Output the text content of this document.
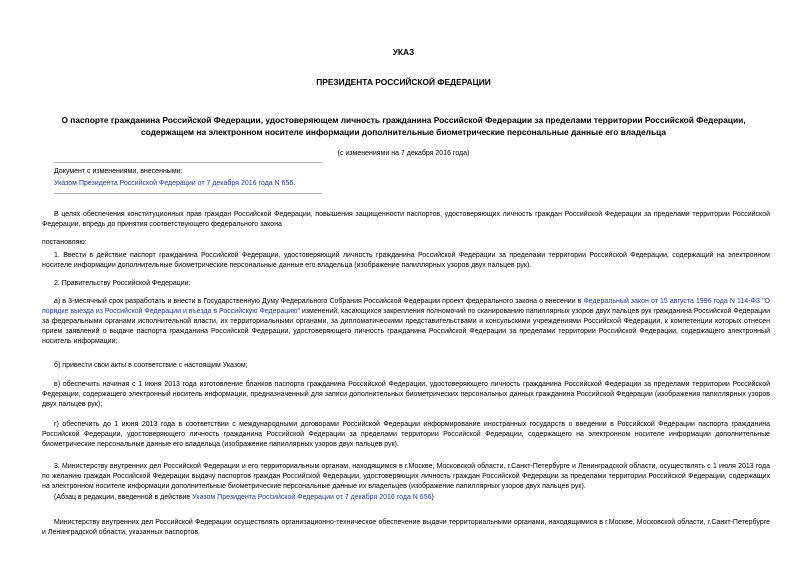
УКАЗ
ПРЕЗИДЕНТА РОССИЙСКОЙ ФЕДЕРАЦИИ
О паспорте гражданина Российской Федерации, удостоверяющем личность гражданина Российской Федерации за пределами территории Российской Федерации,
содержащем на электронном носителе информации дополнительные биометрические персональные данные его владельца
(с изменениями на 7 декабря 2016 года)
Документ с изменениями, внесенными:
Указом Президента Российской Федерации от 7 декабря 2016 года N 656.
В целях обеспечения конституционных прав граждан Российской Федерации, повышения защищенности паспортов, удостоверяющих личность граждан Российской Федерации за пределами территории Российской Федерации, впредь до принятия соответствующего федерального закона
постановляю:
1. Ввести в действие паспорт гражданина Российской Федерации, удостоверяющий личность гражданина Российской Федерации за пределами территории Российской Федерации, содержащий на электронном носителе информации дополнительные биометрические персональные данные его владельца (изображение папиллярных узоров двух пальцев рук).
2. Правительству Российской Федерации:
а) в 3-месячный срок разработать и внести в Государственную Думу Федерального Собрания Российской Федерации проект федерального закона о внесении в Федеральный закон от 15 августа 1996 года N 114-ФЗ "О порядке выезда из Российской Федерации и въезда в Российскую Федерацию" изменений, касающихся закрепления полномочий по сканированию папиллярных узоров двух пальцев рук гражданина Российской Федерации за федеральными органами исполнительной власти, их территориальными органами, за дипломатическими представительствами и консульскими учреждениями Российской Федерации, к компетенции которых отнесен прием заявлений о выдаче паспорта гражданина Российской Федерации, удостоверяющего личность гражданина Российской Федерации за пределами территории Российской Федерации, содержащего электронный носитель информации;
б) привести свои акты в соответствие с настоящим Указом;
в) обеспечить начиная с 1 июня 2013 года изготовление бланков паспорта гражданина Российской Федерации, удостоверяющего личность гражданина Российской Федерации за пределами территории Российской Федерации, содержащего электронный носитель информации, предназначенный для записи дополнительных биометрических персональных данных гражданина Российской Федерации (изображения папиллярных узоров двух пальцев рук);
г) обеспечить до 1 июня 2013 года в соответствии с международными договорами Российской Федерации информирование иностранных государств о введении в Российской Федерации паспорта гражданина Российской Федерации, удостоверяющего личность гражданина Российской Федерации за пределами территории Российской Федерации, содержащего на электронном носителе информации дополнительные биометрические персональные данные его владельца (изображение папиллярных узоров двух пальцев рук).
3. Министерству внутренних дел Российской Федерации и его территориальным органам, находящимся в г.Москве, Московской области, г.Санкт-Петербурге и Ленинградской области, осуществлять с 1 июля 2013 года по желанию граждан Российской Федерации выдачу паспортов граждан Российской Федерации, удостоверяющих личность граждан Российской Федерации за пределами территории Российской Федерации, содержащих на электронном носителе информации дополнительные биометрические персональные данные их владельцев (изображение папиллярных узоров двух пальцев рук).
(Абзац в редакции, введенной в действие Указом Президента Российской Федерации от 7 декабря 2016 года N 656)
Министерству внутренних дел Российской Федерации осуществлять организационно-техническое обеспечение выдачи территориальными органами, находящимися в г.Москве, Московской области, г.Санкт-Петербурге и Ленинградской области, указанных паспортов.
